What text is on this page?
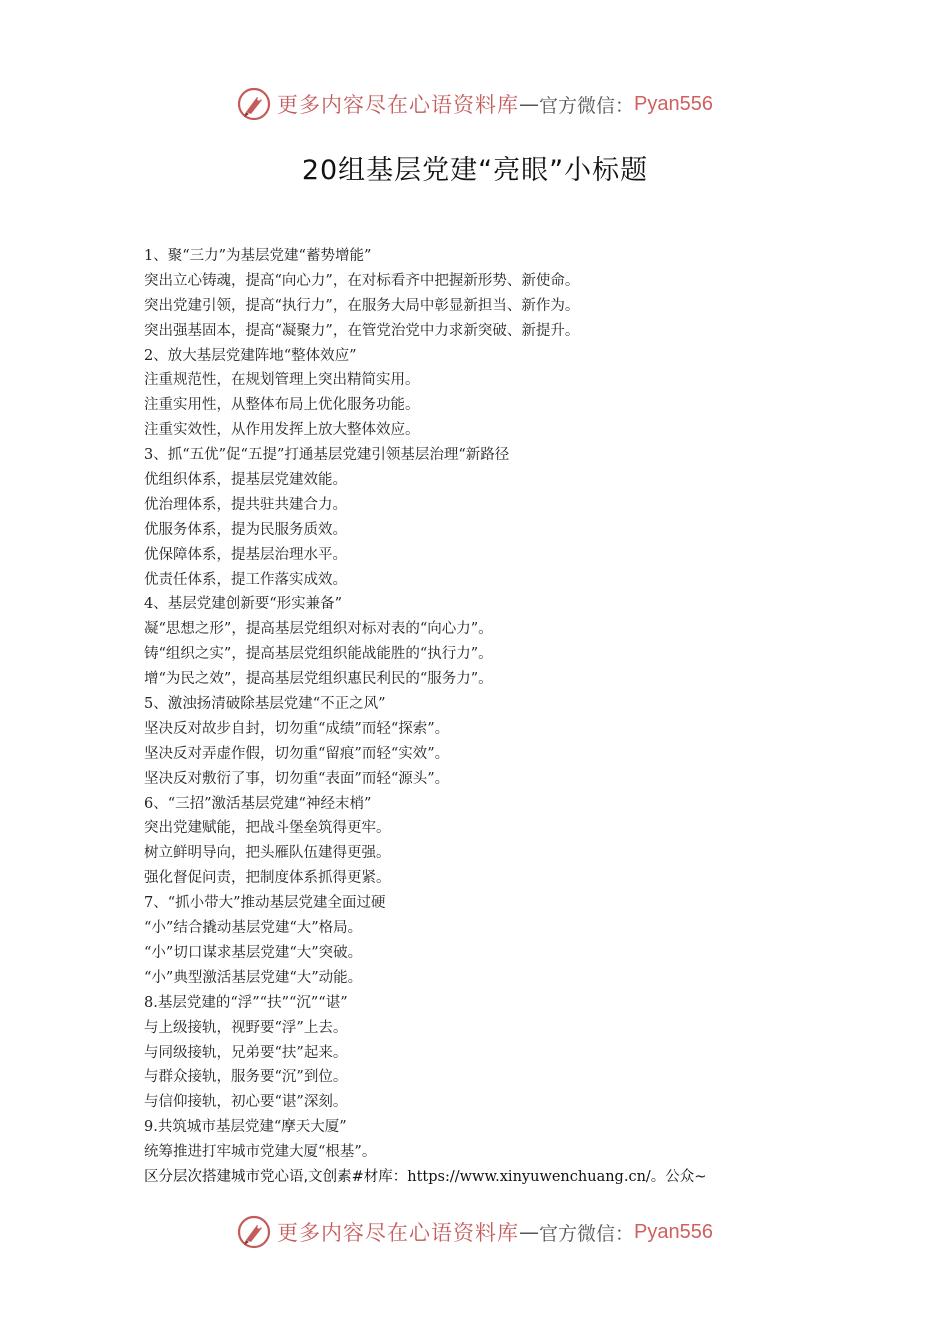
更多内容尽在心语资料库 — 官方微信： Pyan556
20组基层党建“亮眼”小标题
1、聚“三力”为基层党建“蓄势增能”
突出立心铸魂，提高“向心力”，在对标看齐中把握新形势、新使命。
突出党建引领，提高“执行力”，在服务大局中彰显新担当、新作为。
突出强基固本，提高“凝聚力”，在管党治党中力求新突破、新提升。
2、放大基层党建阵地“整体效应”
注重规范性，在规划管理上突出精简实用。
注重实用性，从整体布局上优化服务功能。
注重实效性，从作用发挥上放大整体效应。
3、抓“五优”促“五提”打通基层党建引领基层治理“新路径
优组织体系，提基层党建效能。
优治理体系，提共驻共建合力。
优服务体系，提为民服务质效。
优保障体系，提基层治理水平。
优责任体系，提工作落实成效。
4、基层党建创新要“形实兼备”
凝“思想之形”，提高基层党组织对标对表的“向心力”。
铸“组织之实”，提高基层党组织能战能胜的“执行力”。
增“为民之效”，提高基层党组织惠民利民的“服务力”。
5、激浊扬清破除基层党建“不正之风”
坚决反对故步自封，切勿重“成绩”而轻“探索”。
坚决反对弄虚作假，切勿重“留痕”而轻“实效”。
坚决反对敷衍了事，切勿重“表面”而轻“源头”。
6、“三招”激活基层党建“神经末梢”
突出党建赋能，把战斗堡垒筑得更牢。
树立鲜明导向，把头雁队伍建得更强。
强化督促问责，把制度体系抓得更紧。
7、“抓小带大”推动基层党建全面过硬
“小”结合撬动基层党建“大”格局。
“小”切口谋求基层党建“大”突破。
“小”典型激活基层党建“大”动能。
8.基层党建的“浮”“扶”“沉”“谌”
与上级接轨，视野要“浮”上去。
与同级接轨，兄弟要“扶”起来。
与群众接轨，服务要“沉”到位。
与信仰接轨，初心要“谌”深刻。
9.共筑城市基层党建“摩天大厦”
统筹推进打牢城市党建大厦“根基”。
区分层次搭建城市党心语,文创素#材库：https://www.xinyuwenchuang.cn/。公众~
更多内容尽在心语资料库 — 官方微信： Pyan556
